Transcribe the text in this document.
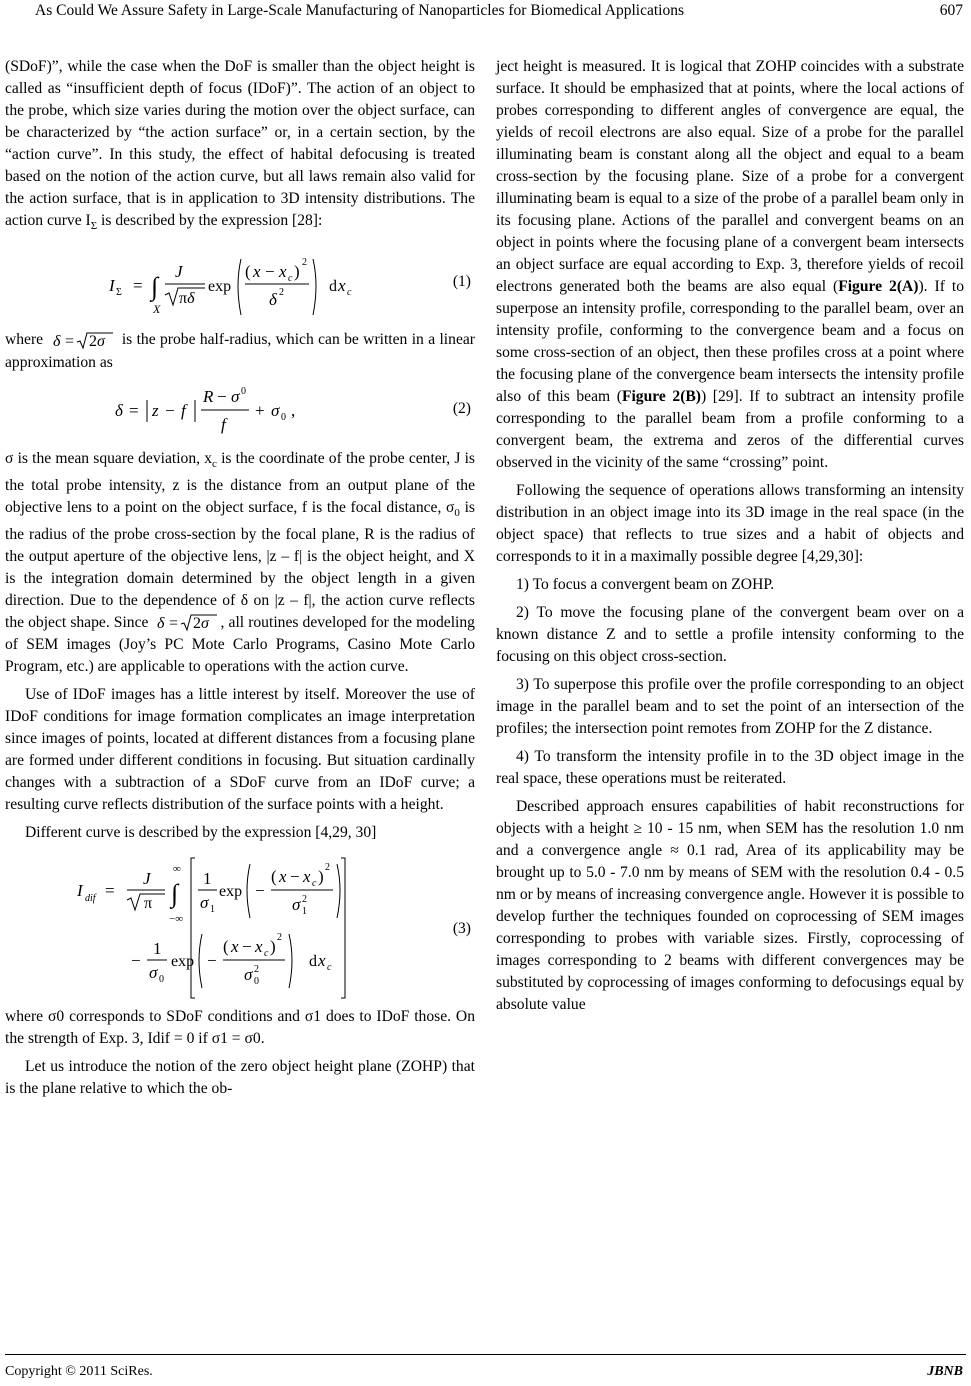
As Could We Assure Safety in Large-Scale Manufacturing of Nanoparticles for Biomedical Applications	607

(SDoF)”, while the case when the DoF is smaller than the object height is called as “insufficient depth of focus (IDoF)”. The action of an object to the probe, which size varies during the motion over the object surface, can be characterized by “the action surface” or, in a certain section, by the “action curve”. In this study, the effect of habital defocusing is treated based on the notion of the action curve, but all laws remain also valid for the action surface, that is in application to 3D intensity distributions. The action curve $I_\Sigma$ is described by the expression [28]:

I Σ = ∫
X
J
πδ
exp
( x − x c ) 2
δ 2	d x c
(1)

where δ = 2σ is the probe half-radius, which can be written in a linear approximation as

δ = z − f
R − σ 0
f
+ σ 0 ,	(2)

σ is the mean square deviation, $x_c$ is the coordinate of the probe center, J is the total probe intensity, z is the distance from an output plane of the objective lens to a point on the object surface, f is the focal distance, $\sigma_0$ is the radius of the probe cross-section by the focal plane, R is the radius of the output aperture of the objective lens, |z – f| is the object height, and X is the integration domain determined by the object length in a given direction. Due to the dependence of δ on |z – f|, the action curve reflects the object shape. Since δ = 2σ , all routines developed for the modeling of SEM images (Joy’s PC Mote Carlo Programs, Casino Mote Carlo Program, etc.) are applicable to operations with the action curve.

Use of IDoF images has a little interest by itself. Moreover the use of IDoF conditions for image formation complicates an image interpretation since images of points, located at different distances from a focusing plane are formed under different conditions in focusing. But situation cardinally changes with a subtraction of a SDoF curve from an IDoF curve; a resulting curve reflects distribution of the surface points with a height.

Different curve is described by the expression [4,29, 30]

I dif =
J
π ∫
∞
−∞
1
σ 1
exp −
( x − x c ) 2
σ 2
1
−
1
σ 0
exp −
( x − x c ) 2
σ 2
0
d x c
(3)

where σ0 corresponds to SDoF conditions and σ1 does to IDoF those. On the strength of Exp. 3, Idif = 0 if σ1 = σ0.

Let us introduce the notion of the zero object height plane (ZOHP) that is the plane relative to which the ob-

ject height is measured. It is logical that ZOHP coincides with a substrate surface. It should be emphasized that at points, where the local actions of probes corresponding to different angles of convergence are equal, the yields of recoil electrons are also equal. Size of a probe for the parallel illuminating beam is constant along all the object and equal to a beam cross-section by the focusing plane. Size of a probe for a convergent illuminating beam is equal to a size of the probe of a parallel beam only in its focusing plane. Actions of the parallel and convergent beams on an object in points where the focusing plane of a convergent beam intersects an object surface are equal according to Exp. 3, therefore yields of recoil electrons generated both the beams are also equal (Figure 2(A)). If to superpose an intensity profile, corresponding to the parallel beam, over an intensity profile, conforming to the convergence beam and a focus on some cross-section of an object, then these profiles cross at a point where the focusing plane of the convergence beam intersects the intensity profile also of this beam (Figure 2(B)) [29]. If to subtract an intensity profile corresponding to the parallel beam from a profile conforming to a convergent beam, the extrema and zeros of the differential curves observed in the vicinity of the same “crossing” point.

Following the sequence of operations allows transforming an intensity distribution in an object image into its 3D image in the real space (in the object space) that reflects to true sizes and a habit of objects and corresponds to it in a maximally possible degree [4,29,30]:

1) To focus a convergent beam on ZOHP.

2) To move the focusing plane of the convergent beam over on a known distance Z and to settle a profile intensity conforming to the focusing on this object cross-section.

3) To superpose this profile over the profile corresponding to an object image in the parallel beam and to set the point of an intersection of the profiles; the intersection point remotes from ZOHP for the Z distance.

4) To transform the intensity profile in to the 3D object image in the real space, these operations must be reiterated.

Described approach ensures capabilities of habit reconstructions for objects with a height ≥ 10 - 15 nm, when SEM has the resolution 1.0 nm and a convergence angle ≈ 0.1 rad, Area of its applicability may be brought up to 5.0 - 7.0 nm by means of SEM with the resolution 0.4 - 0.5 nm or by means of increasing convergence angle. However it is possible to develop further the techniques founded on coprocessing of SEM images corresponding to probes with variable sizes. Firstly, coprocessing of images corresponding to 2 beams with different convergences may be substituted by coprocessing of images conforming to defocusings equal by absolute value

Copyright © 2011 SciRes.	JBNB
